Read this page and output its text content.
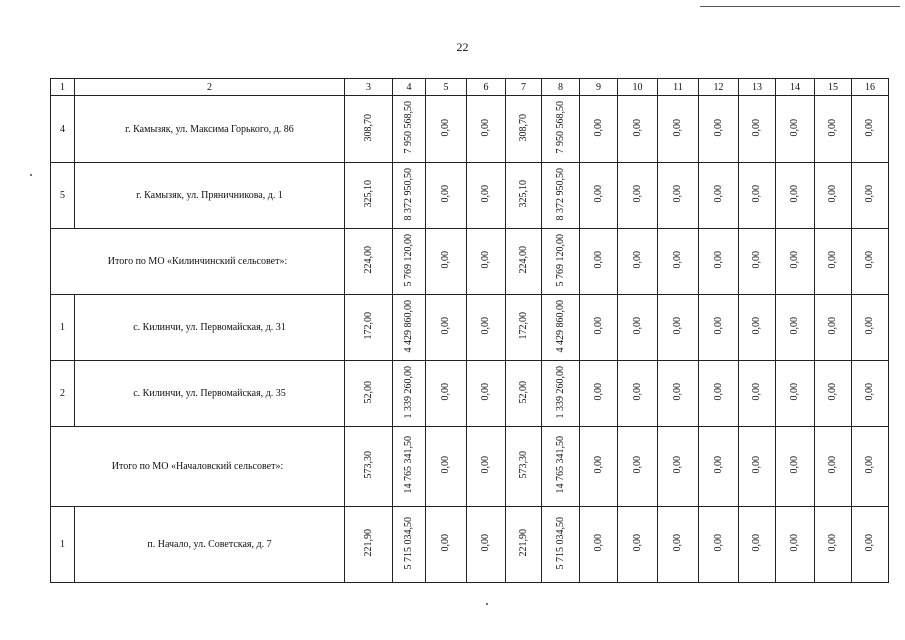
22
1	2	3	4	5	6	7	8	9	10	11	12	13	14	15	16
4	г. Камызяк, ул. Максима Горького, д. 86	308,70	7 950 568,50	0,00	0,00	308,70	7 950 568,50	0,00	0,00	0,00	0,00	0,00	0,00	0,00	0,00
5	г. Камызяк, ул. Пряничникова, д. 1	325,10	8 372 950,50	0,00	0,00	325,10	8 372 950,50	0,00	0,00	0,00	0,00	0,00	0,00	0,00	0,00
Итого по МО «Килинчинский сельсовет»:		224,00	5 769 120,00	0,00	0,00	224,00	5 769 120,00	0,00	0,00	0,00	0,00	0,00	0,00	0,00	0,00
1	с. Килинчи, ул. Первомайская, д. 31	172,00	4 429 860,00	0,00	0,00	172,00	4 429 860,00	0,00	0,00	0,00	0,00	0,00	0,00	0,00	0,00
2	с. Килинчи, ул. Первомайская, д. 35	52,00	1 339 260,00	0,00	0,00	52,00	1 339 260,00	0,00	0,00	0,00	0,00	0,00	0,00	0,00	0,00
Итого по МО «Началовский сельсовет»:		573,30	14 765 341,50	0,00	0,00	573,30	14 765 341,50	0,00	0,00	0,00	0,00	0,00	0,00	0,00	0,00
1	п. Начало, ул. Советская, д. 7	221,90	5 715 034,50	0,00	0,00	221,90	5 715 034,50	0,00	0,00	0,00	0,00	0,00	0,00	0,00	0,00
